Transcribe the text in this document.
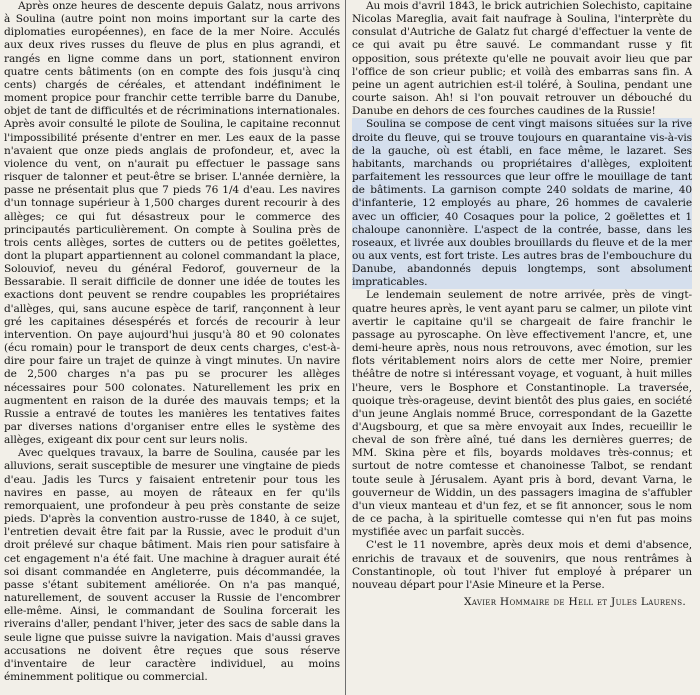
Après onze heures de descente depuis Galatz, nous arrivons à Soulina (autre point non moins important sur la carte des diplomaties européennes), en face de la mer Noire. Acculés aux deux rives russes du fleuve de plus en plus agrandi, et rangés en ligne comme dans un port, stationnent environ quatre cents bâtiments (on en compte des fois jusqu'à cinq cents) chargés de céréales, et attendant indéfiniment le moment propice pour franchir cette terrible barre du Danube, objet de tant de difficultés et de récriminations internationales. Après avoir consulté le pilote de Soulina, le capitaine reconnut l'impossibilité présente d'entrer en mer. Les eaux de la passe n'avaient que onze pieds anglais de profondeur, et, avec la violence du vent, on n'aurait pu effectuer le passage sans risquer de talonner et peut-être se briser. L'année dernière, la passe ne présentait plus que 7 pieds 76 1/4 d'eau. Les navires d'un tonnage supérieur à 1,500 charges durent recourir à des allèges; ce qui fut désastreux pour le commerce des principautés particulièrement. On compte à Soulina près de trois cents allèges, sortes de cutters ou de petites goëlettes, dont la plupart appartiennent au colonel commandant la place, Solouviof, neveu du général Fedorof, gouverneur de la Bessarabie. Il serait difficile de donner une idée de toutes les exactions dont peuvent se rendre coupables les propriétaires d'allèges, qui, sans aucune espèce de tarif, rançonnent à leur gré les capitaines désespérés et forcés de recourir à leur intervention. On paye aujourd'hui jusqu'à 80 et 90 colonates (écu romain) pour le transport de deux cents charges, c'est-à-dire pour faire un trajet de quinze à vingt minutes. Un navire de 2,500 charges n'a pas pu se procurer les allèges nécessaires pour 500 colonates. Naturellement les prix en augmentent en raison de la durée des mauvais temps; et la Russie a entravé de toutes les manières les tentatives faites par diverses nations d'organiser entre elles le système des allèges, exigeant dix pour cent sur leurs nolis.

Avec quelques travaux, la barre de Soulina, causée par les alluvions, serait susceptible de mesurer une vingtaine de pieds d'eau. Jadis les Turcs y faisaient entretenir pour tous les navires en passe, au moyen de râteaux en fer qu'ils remorquaient, une profondeur à peu près constante de seize pieds. D'après la convention austro-russe de 1840, à ce sujet, l'entretien devait être fait par la Russie, avec le produit d'un droit prélevé sur chaque bâtiment. Mais rien pour satisfaire à cet engagement n'a été fait. Une machine à draguer aurait été soi disant commandée en Angleterre, puis décommandée, la passe s'étant subitement améliorée. On n'a pas manqué, naturellement, de souvent accuser la Russie de l'encombrer elle-même. Ainsi, le commandant de Soulina forcerait les riverains d'aller, pendant l'hiver, jeter des sacs de sable dans la seule ligne que puisse suivre la navigation. Mais d'aussi graves accusations ne doivent être reçues que sous réserve d'inventaire de leur caractère individuel, au moins éminemment politique ou commercial.

Au mois d'avril 1843, le brick autrichien Solechisto, capitaine Nicolas Mareglia, avait fait naufrage à Soulina, l'interprète du consulat d'Autriche de Galatz fut chargé d'effectuer la vente de ce qui avait pu être sauvé. Le commandant russe y fit opposition, sous prétexte qu'elle ne pouvait avoir lieu que par l'office de son crieur public; et voilà des embarras sans fin. A peine un agent autrichien est-il toléré, à Soulina, pendant une courte saison. Ah! si l'on pouvait retrouver un débouché du Danube en dehors de ces fourches caudines de la Russie!

Soulina se compose de cent vingt maisons situées sur la rive droite du fleuve, qui se trouve toujours en quarantaine vis-à-vis de la gauche, où est établi, en face même, le lazaret. Ses habitants, marchands ou propriétaires d'allèges, exploitent parfaitement les ressources que leur offre le mouillage de tant de bâtiments. La garnison compte 240 soldats de marine, 40 d'infanterie, 12 employés au phare, 26 hommes de cavalerie avec un officier, 40 Cosaques pour la police, 2 goëlettes et 1 chaloupe canonnière. L'aspect de la contrée, basse, dans les roseaux, et livrée aux doubles brouillards du fleuve et de la mer ou aux vents, est fort triste. Les autres bras de l'embouchure du Danube, abandonnés depuis longtemps, sont absolument impraticables.

Le lendemain seulement de notre arrivée, près de vingt-quatre heures après, le vent ayant paru se calmer, un pilote vint avertir le capitaine qu'il se chargeait de faire franchir le passage au pyroscaphe. On lève effectivement l'ancre, et, une demi-heure après, nous nous retrouvons, avec émotion, sur les flots véritablement noirs alors de cette mer Noire, premier théâtre de notre si intéressant voyage, et voguant, à huit milles l'heure, vers le Bosphore et Constantinople. La traversée, quoique très-orageuse, devint bientôt des plus gaies, en société d'un jeune Anglais nommé Bruce, correspondant de la Gazette d'Augsbourg, et que sa mère envoyait aux Indes, recueillir le cheval de son frère aîné, tué dans les dernières guerres; de MM. Skina père et fils, boyards moldaves très-connus; et surtout de notre comtesse et chanoinesse Talbot, se rendant toute seule à Jérusalem. Ayant pris à bord, devant Varna, le gouverneur de Widdin, un des passagers imagina de s'affubler d'un vieux manteau et d'un fez, et se fit annoncer, sous le nom de ce pacha, à la spirituelle comtesse qui n'en fut pas moins mystifiée avec un parfait succès.

C'est le 11 novembre, après deux mois et demi d'absence, enrichis de travaux et de souvenirs, que nous rentrâmes à Constantinople, où tout l'hiver fut employé à préparer un nouveau départ pour l'Asie Mineure et la Perse.

Xavier Hommaire de Hell et Jules Laurens.
